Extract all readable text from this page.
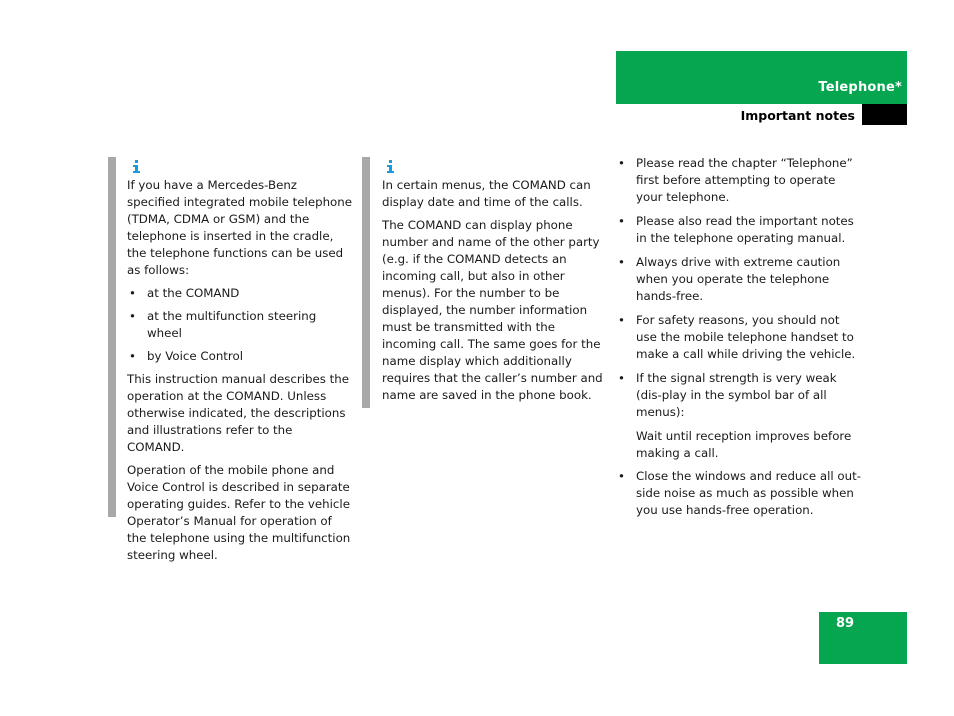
Telephone*
Important notes

If you have a Mercedes-Benz specified integrated mobile telephone (TDMA, CDMA or GSM) and the telephone is inserted in the cradle, the telephone functions can be used as follows:

• at the COMAND
• at the multifunction steering wheel
• by Voice Control

This instruction manual describes the operation at the COMAND. Unless otherwise indicated, the descriptions and illustrations refer to the COMAND.

Operation of the mobile phone and Voice Control is described in separate operating guides. Refer to the vehicle Operator’s Manual for operation of the telephone using the multifunction steering wheel.

In certain menus, the COMAND can display date and time of the calls.

The COMAND can display phone number and name of the other party (e.g. if the COMAND detects an incoming call, but also in other menus). For the number to be displayed, the number information must be transmitted with the incoming call. The same goes for the name display which additionally requires that the caller’s number and name are saved in the phone book.

• Please read the chapter “Telephone” first before attempting to operate your telephone.
• Please also read the important notes in the telephone operating manual.
• Always drive with extreme caution when you operate the telephone hands-free.
• For safety reasons, you should not use the mobile telephone handset to make a call while driving the vehicle.
• If the signal strength is very weak (dis-play in the symbol bar of all menus):

Wait until reception improves before making a call.

• Close the windows and reduce all out-side noise as much as possible when you use hands-free operation.
89
